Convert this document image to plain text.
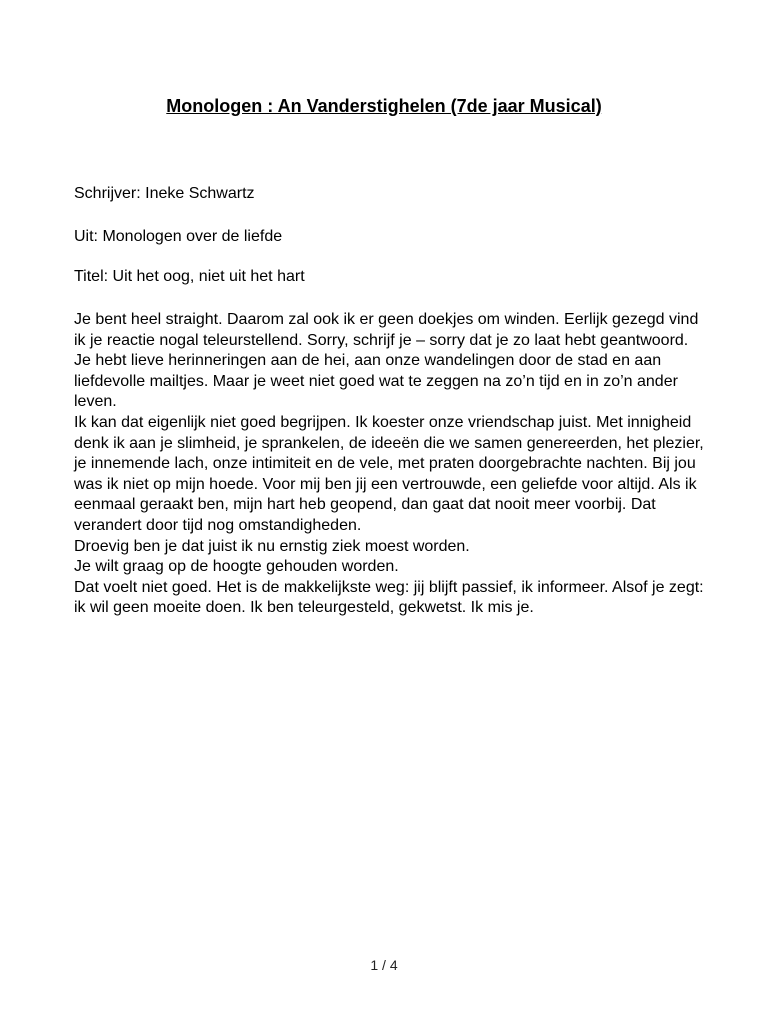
Monologen : An Vanderstighelen (7de jaar Musical)
Schrijver: Ineke Schwartz
Uit: Monologen over de liefde
Titel: Uit het oog, niet uit het hart

Je bent heel straight. Daarom zal ook ik er geen doekjes om winden. Eerlijk gezegd vind ik je reactie nogal teleurstellend. Sorry, schrijf je – sorry dat je zo laat hebt geantwoord. Je hebt lieve herinneringen aan de hei, aan onze wandelingen door de stad en aan liefdevolle mailtjes. Maar je weet niet goed wat te zeggen na zo’n tijd en in zo’n ander leven.

Ik kan dat eigenlijk niet goed begrijpen. Ik koester onze vriendschap juist. Met innigheid denk ik aan je slimheid, je sprankelen, de ideeën die we samen genereerden, het plezier, je innemende lach, onze intimiteit en de vele, met praten doorgebrachte nachten. Bij jou was ik niet op mijn hoede. Voor mij ben jij een vertrouwde, een geliefde voor altijd. Als ik eenmaal geraakt ben, mijn hart heb geopend, dan gaat dat nooit meer voorbij. Dat verandert door tijd nog omstandigheden.

Droevig ben je dat juist ik nu ernstig ziek moest worden.

Je wilt graag op de hoogte gehouden worden.

Dat voelt niet goed. Het is de makkelijkste weg: jij blijft passief, ik informeer. Alsof je zegt: ik wil geen moeite doen. Ik ben teleurgesteld, gekwetst. Ik mis je.

1 / 4
